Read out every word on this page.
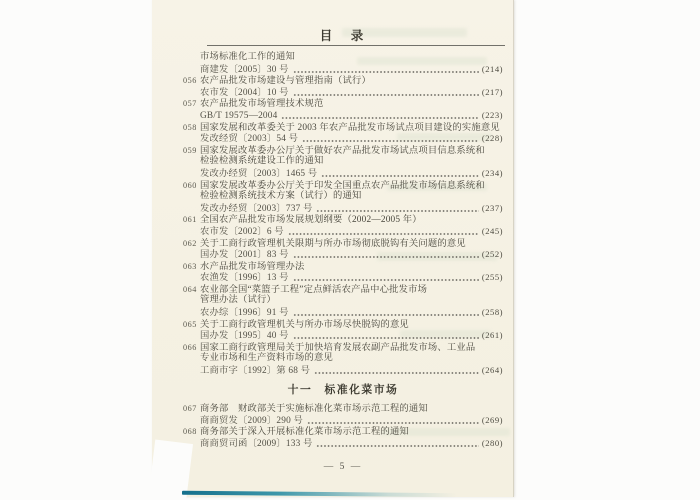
目　录
市场标准化工作的通知
商建发〔2005〕30 号	(214)
056 农产品批发市场建设与管理指南（试行）
农市发〔2004〕10 号	(217)
057 农产品批发市场管理技术规范
GB/T 19575—2004	(223)
058 国家发展和改革委关于 2003 年农产品批发市场试点项目建设的实施意见
发改经贸〔2003〕54 号	(228)
059 国家发展改革委办公厅关于做好农产品批发市场试点项目信息系统和
检验检测系统建设工作的通知
发改办经贸〔2003〕1465 号	(234)
060 国家发展改革委办公厅关于印发全国重点农产品批发市场信息系统和
检验检测系统技术方案（试行）的通知
发改办经贸〔2003〕737 号	(237)
061 全国农产品批发市场发展规划纲要（2002—2005 年）
农市发〔2002〕6 号	(245)
062 关于工商行政管理机关限期与所办市场彻底脱钩有关问题的意见
国办发〔2001〕83 号	(252)
063 水产品批发市场管理办法
农渔发〔1996〕13 号	(255)
064 农业部全国“菜篮子工程”定点鲜活农产品中心批发市场
管理办法（试行）
农办综〔1996〕91 号	(258)
065 关于工商行政管理机关与所办市场尽快脱钩的意见
国办发〔1995〕40 号	(261)
066 国家工商行政管理局关于加快培育发展农副产品批发市场、工业品
专业市场和生产资料市场的意见
工商市字〔1992〕第 68 号	(264)
十一　标准化菜市场
067 商务部　财政部关于实施标准化菜市场示范工程的通知
商商贸发〔2009〕290 号	(269)
068 商务部关于深入开展标准化菜市场示范工程的通知
商商贸司函〔2009〕133 号	(280)
— 5 —
